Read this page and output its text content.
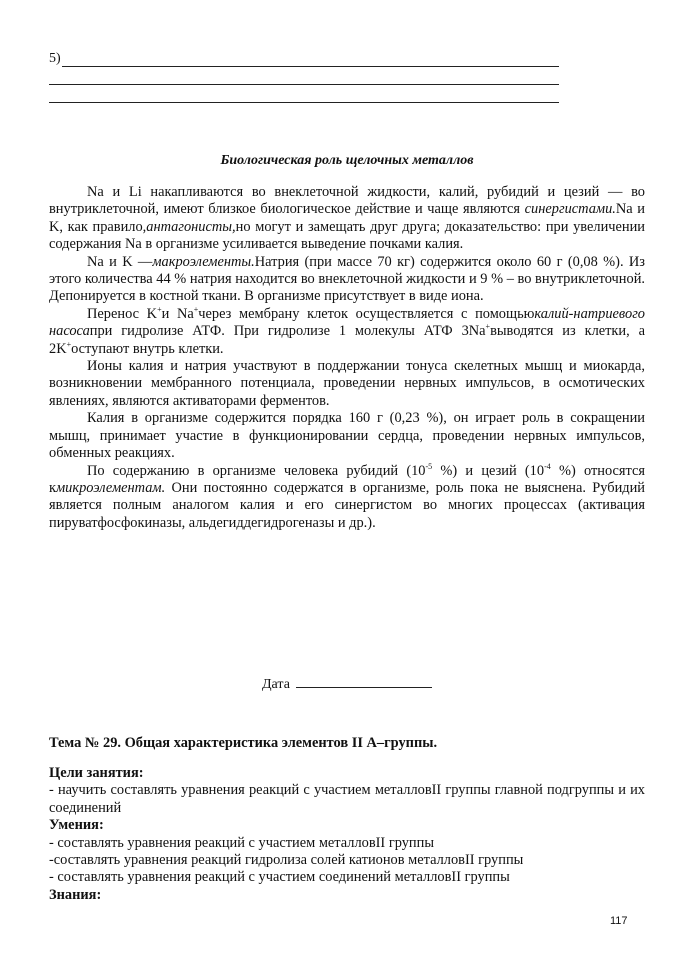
5)
Биологическая роль щелочных металлов

Na и Li накапливаются во внеклеточной жидкости, калий, рубидий и цезий — во внутриклеточной, имеют близкое биологическое действие и чаще являются синергистами.Na и K, как правило,антагонисты,но могут и замещать друг друга; доказательство: при увеличении содержания Na в организме усиливается выведение почками калия.

Na и K —макроэлементы.Натрия (при массе 70 кг) содержится около 60 г (0,08 %). Из этого количества 44 % натрия находится во внеклеточной жидкости и 9 % – во внутриклеточной. Депонируется в костной ткани. В организме присутствует в виде иона.

Перенос K+и Na+через мембрану клеток осуществляется с помощьюкалий-натриевого насосапри гидролизе АТФ. При гидролизе 1 молекулы АТФ 3Na+выводятся из клетки, а 2K+оступают внутрь клетки.

Ионы калия и натрия участвуют в поддержании тонуса скелетных мышц и миокарда, возникновении мембранного потенциала, проведении нервных импульсов, в осмотических явлениях, являются активаторами ферментов.

Калия в организме содержится порядка 160 г (0,23 %), он играет роль в сокращении мышц, принимает участие в функционировании сердца, проведении нервных импульсов, обменных реакциях.

По содержанию в организме человека рубидий ($10^{-5}$ %) и цезий ($10^{-4}$ %) относятся кмикроэлементам. Они постоянно содержатся в организме, роль пока не выяснена. Рубидий является полным аналогом калия и его синергистом во многих процессах (активация пируватфосфокиназы, альдегиддегидрогеназы и др.).

Дата
Тема № 29. Общая характеристика элементов II А–группы.
Цели занятия:
- научить составлять уравнения реакций с участием металловII группы главной подгруппы и их соединений
Умения:
- составлять уравнения реакций с участием металловII группы
-составлять уравнения реакций гидролиза солей катионов металловII группы
- составлять уравнения реакций с участием соединений металловII группы
Знания:
117
